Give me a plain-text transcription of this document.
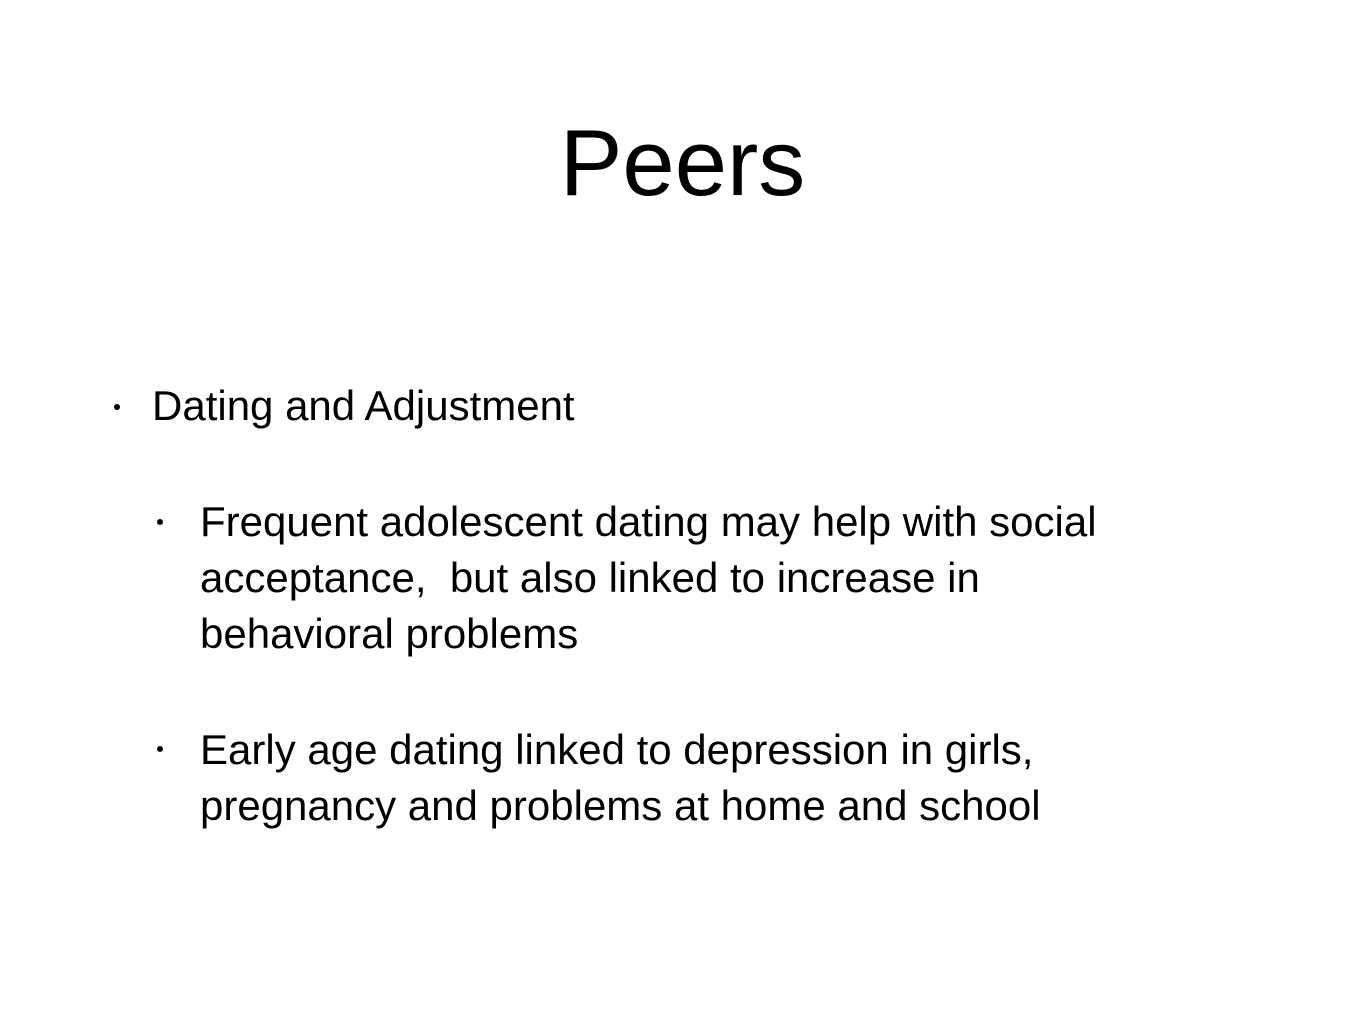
Peers
Dating and Adjustment
Frequent adolescent dating may help with social
acceptance,  but also linked to increase in
behavioral problems
Early age dating linked to depression in girls,
pregnancy and problems at home and school
